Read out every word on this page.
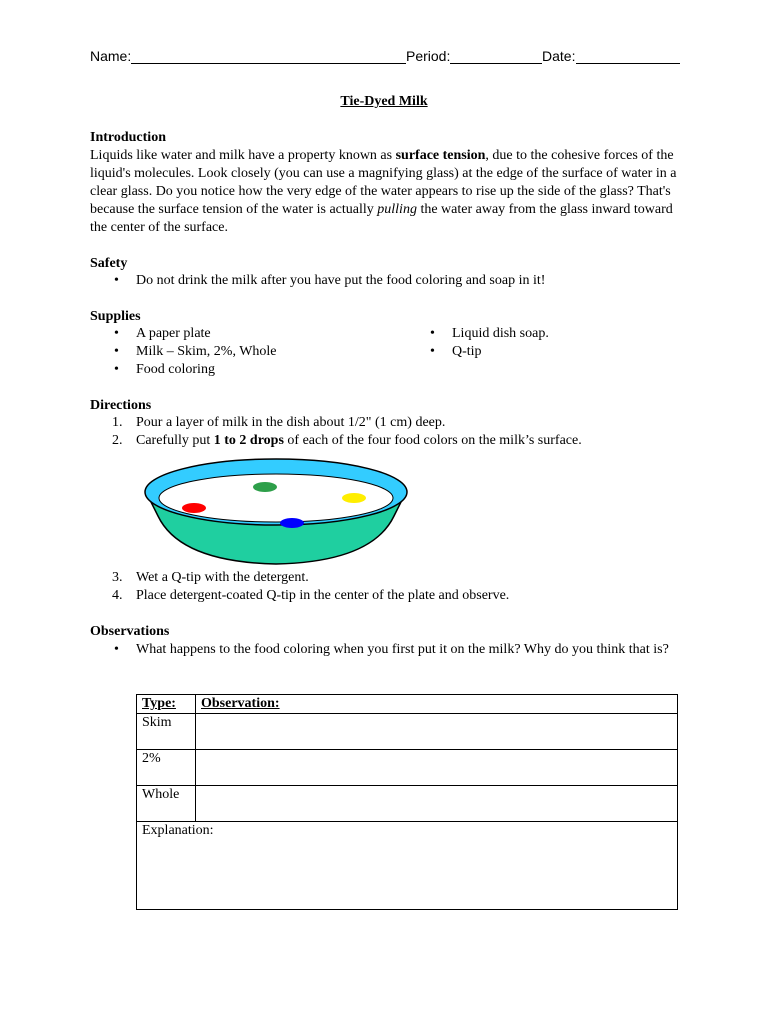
Name:	Period:	Date:
Tie-Dyed Milk
Introduction
Liquids like water and milk have a property known as surface tension, due to the cohesive forces of the liquid's molecules. Look closely (you can use a magnifying glass) at the edge of the surface of water in a clear glass. Do you notice how the very edge of the water appears to rise up the side of the glass? That's because the surface tension of the water is actually pulling the water away from the glass inward toward the center of the surface.
Safety
• Do not drink the milk after you have put the food coloring and soap in it!
Supplies
• A paper plate
• Milk – Skim, 2%, Whole
• Food coloring
• Liquid dish soap.
• Q-tip
Directions
1. Pour a layer of milk in the dish about 1/2" (1 cm) deep.
2. Carefully put 1 to 2 drops of each of the four food colors on the milk’s surface.
3. Wet a Q-tip with the detergent.
4. Place detergent-coated Q-tip in the center of the plate and observe.
Observations
• What happens to the food coloring when you first put it on the milk? Why do you think that is?
Type:	Observation:
Skim	
2%	
Whole	
Explanation:	
